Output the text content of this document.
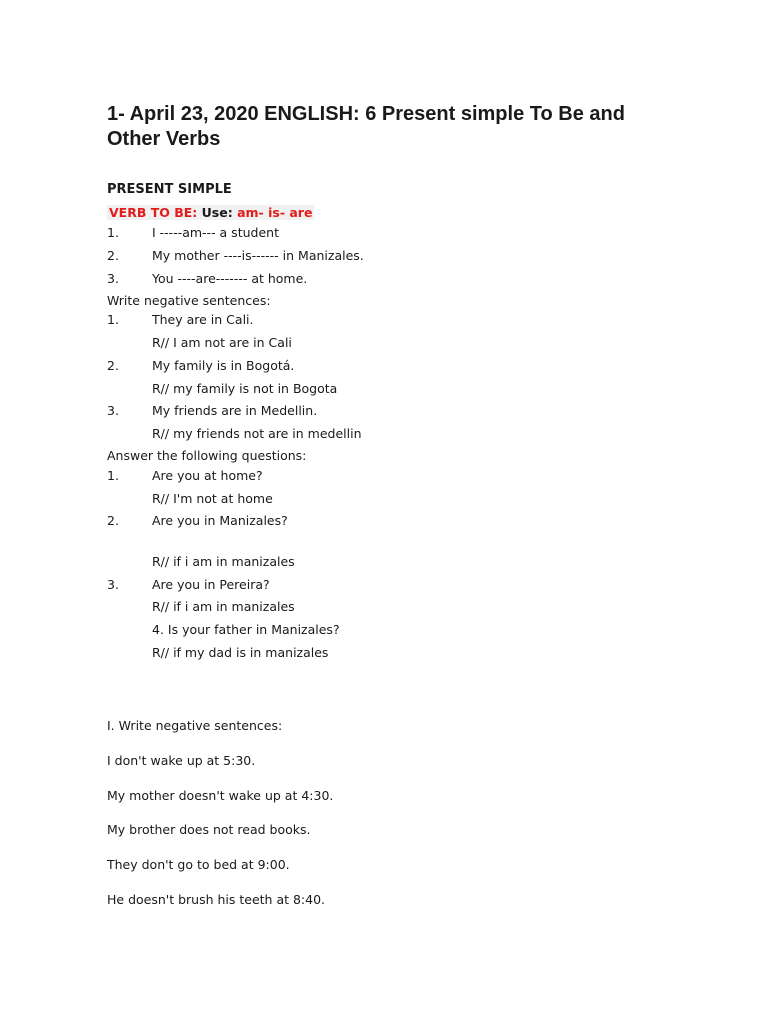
1- April 23, 2020 ENGLISH: 6 Present simple To Be and Other Verbs
PRESENT SIMPLE
VERB TO BE: Use: am- is- are
1.	I -----am--- a student
2.	My mother ----is------ in Manizales.
3.	You ----are------- at home.
Write negative sentences:
1.	They are in Cali.
R// I am not are in Cali
2.	My family is in Bogotá.
R// my family is not in Bogota
3.	My friends are in Medellin.
R// my friends not are in medellin
Answer the following questions:
1.	Are you at home?
R// I'm not at home
2.	Are you in Manizales?
R// if i am in manizales
3.	Are you in Pereira?
R// if i am in manizales
4. Is your father in Manizales?
R// if my dad is in manizales
I. Write negative sentences:
I don't wake up at 5:30.
My mother doesn't wake up at 4:30.
My brother does not read books.
They don't go to bed at 9:00.
He doesn't brush his teeth at 8:40.
